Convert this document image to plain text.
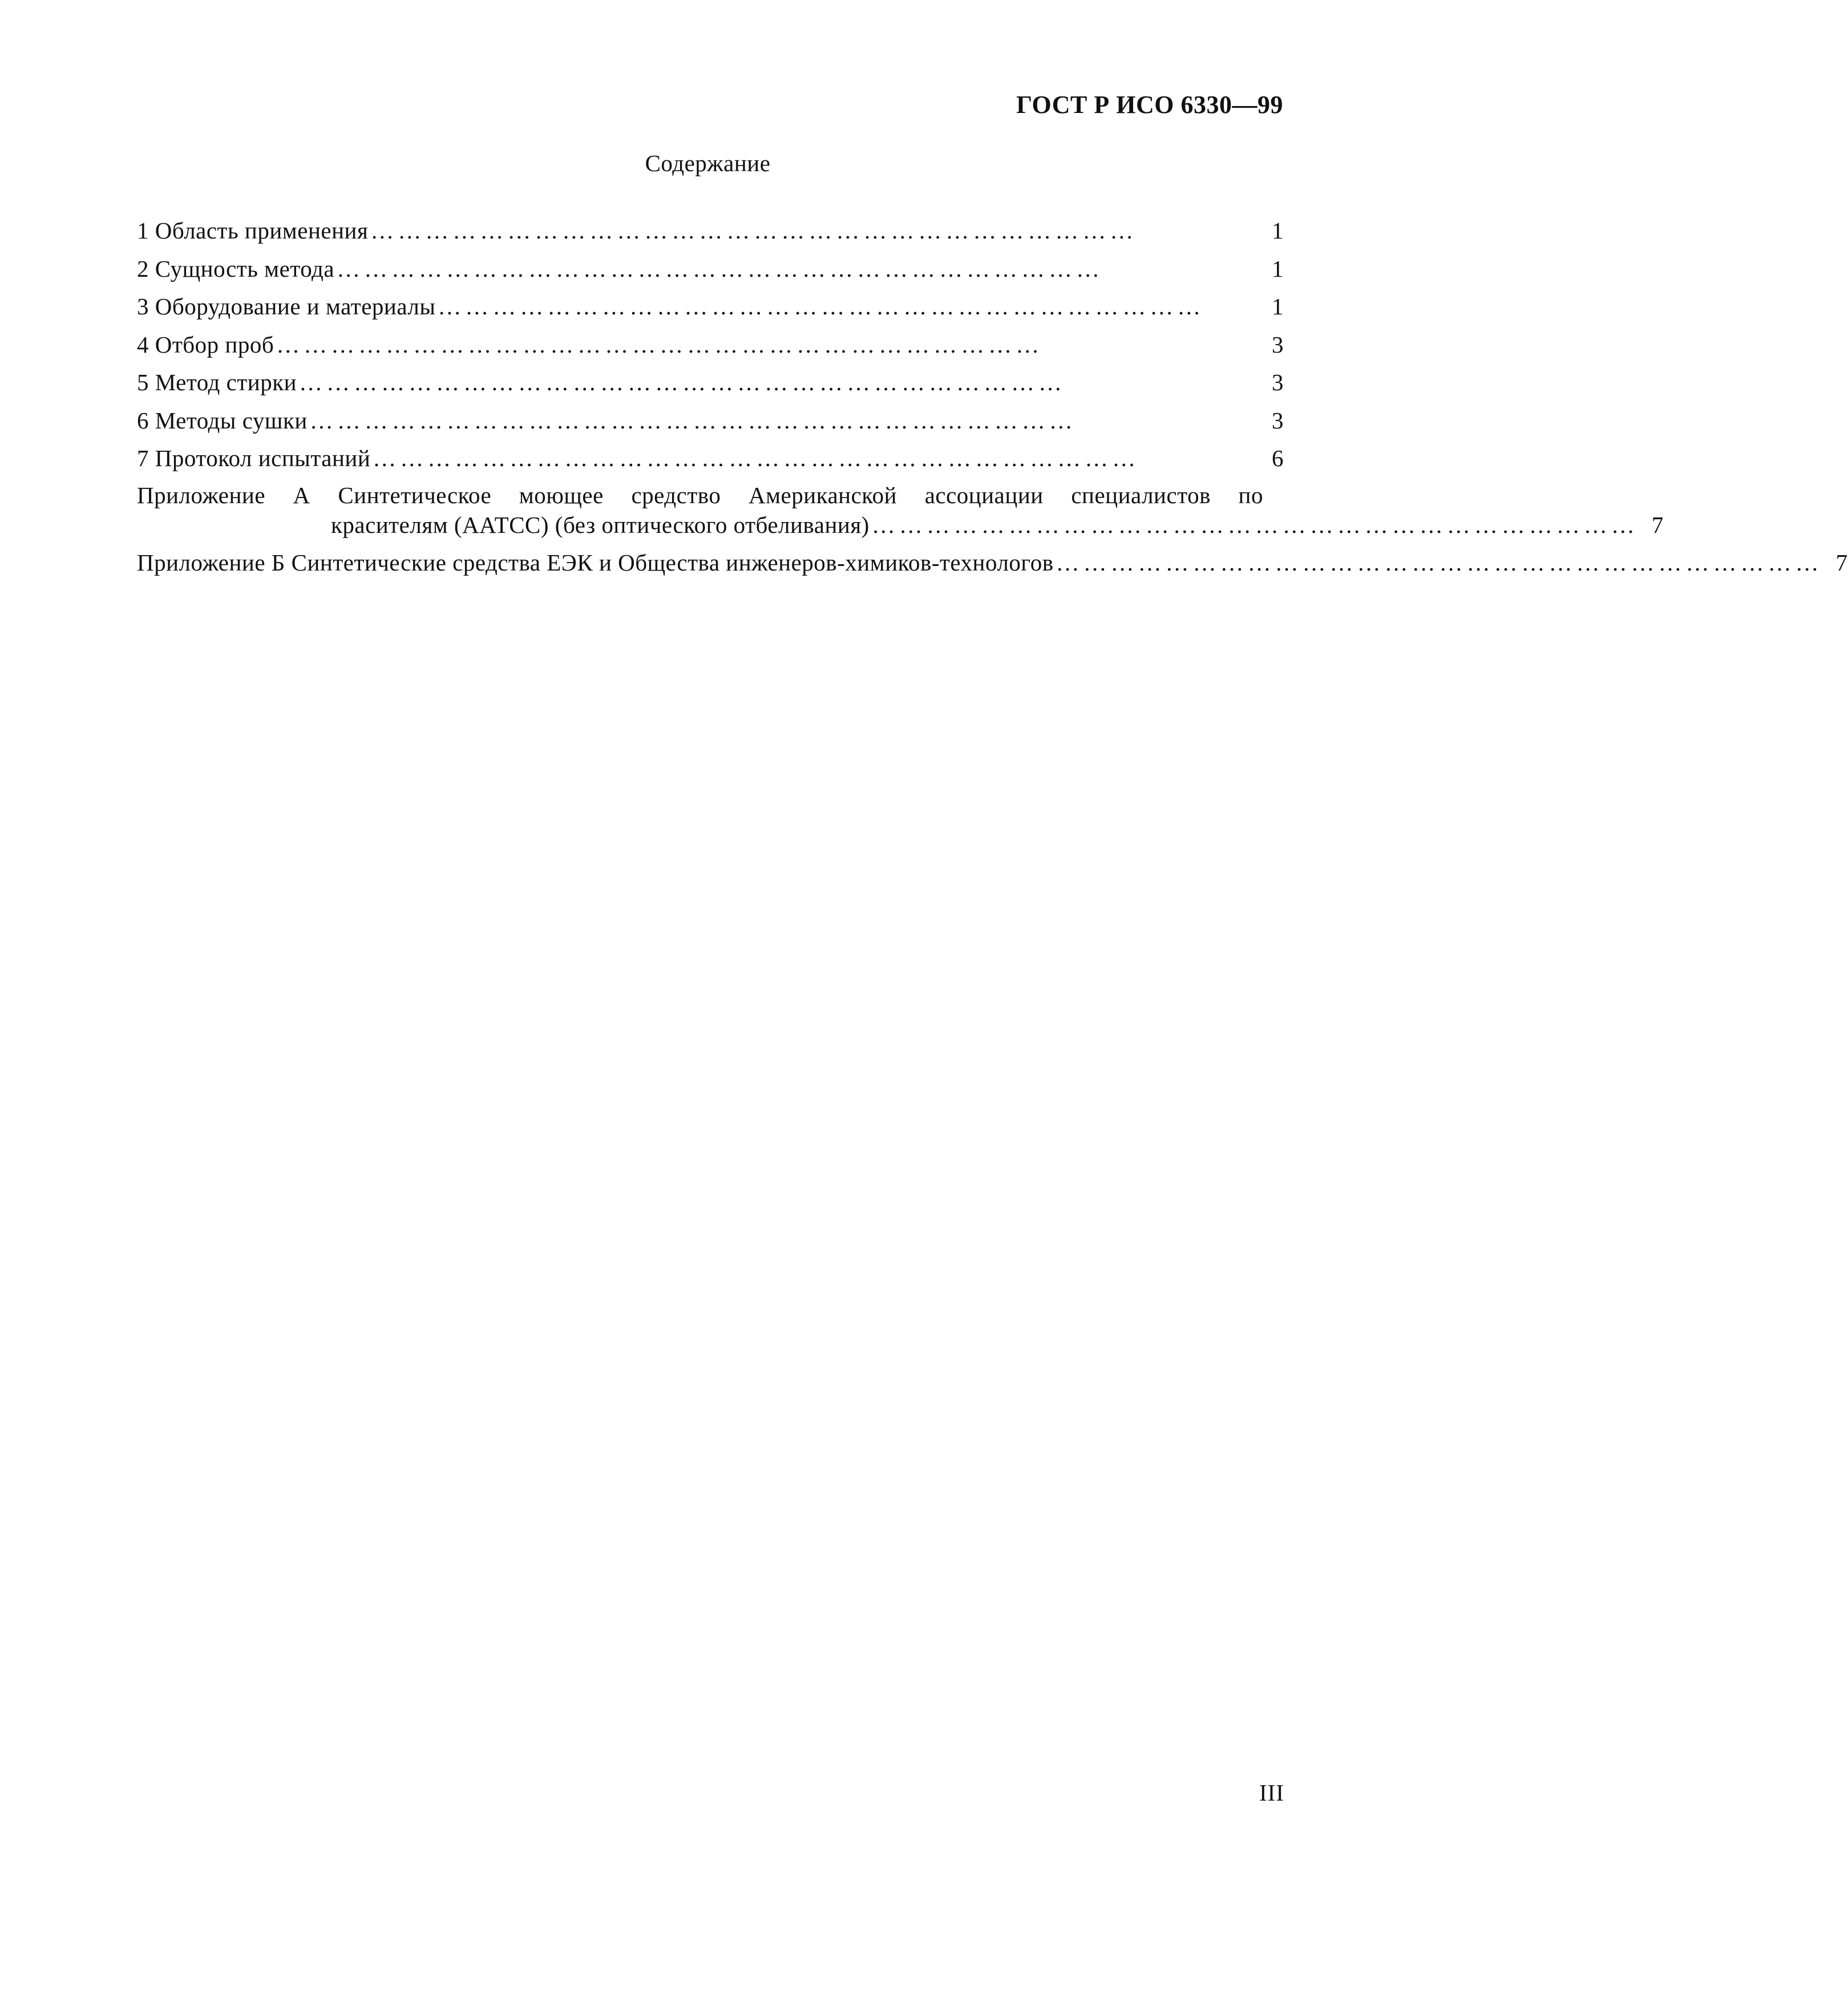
ГОСТ Р ИСО 6330—99
Содержание
1 Область применения …………………………………………………………………………	1
2 Сущность метода …………………………………………………………………………	1
3 Оборудование и материалы …………………………………………………………………………	1
4 Отбор проб …………………………………………………………………………	3
5 Метод стирки …………………………………………………………………………	3
6 Методы сушки …………………………………………………………………………	3
7 Протокол испытаний …………………………………………………………………………	6
Приложение А Синтетическое моющее средство Американской ассоциации специалистов по
красителям (ААТСС) (без оптического отбеливания) ………………………………………………………………………… 7
Приложение Б Синтетические средства ЕЭК и Общества инженеров-химиков-технологов ………………………………………………………………………… 7
III
